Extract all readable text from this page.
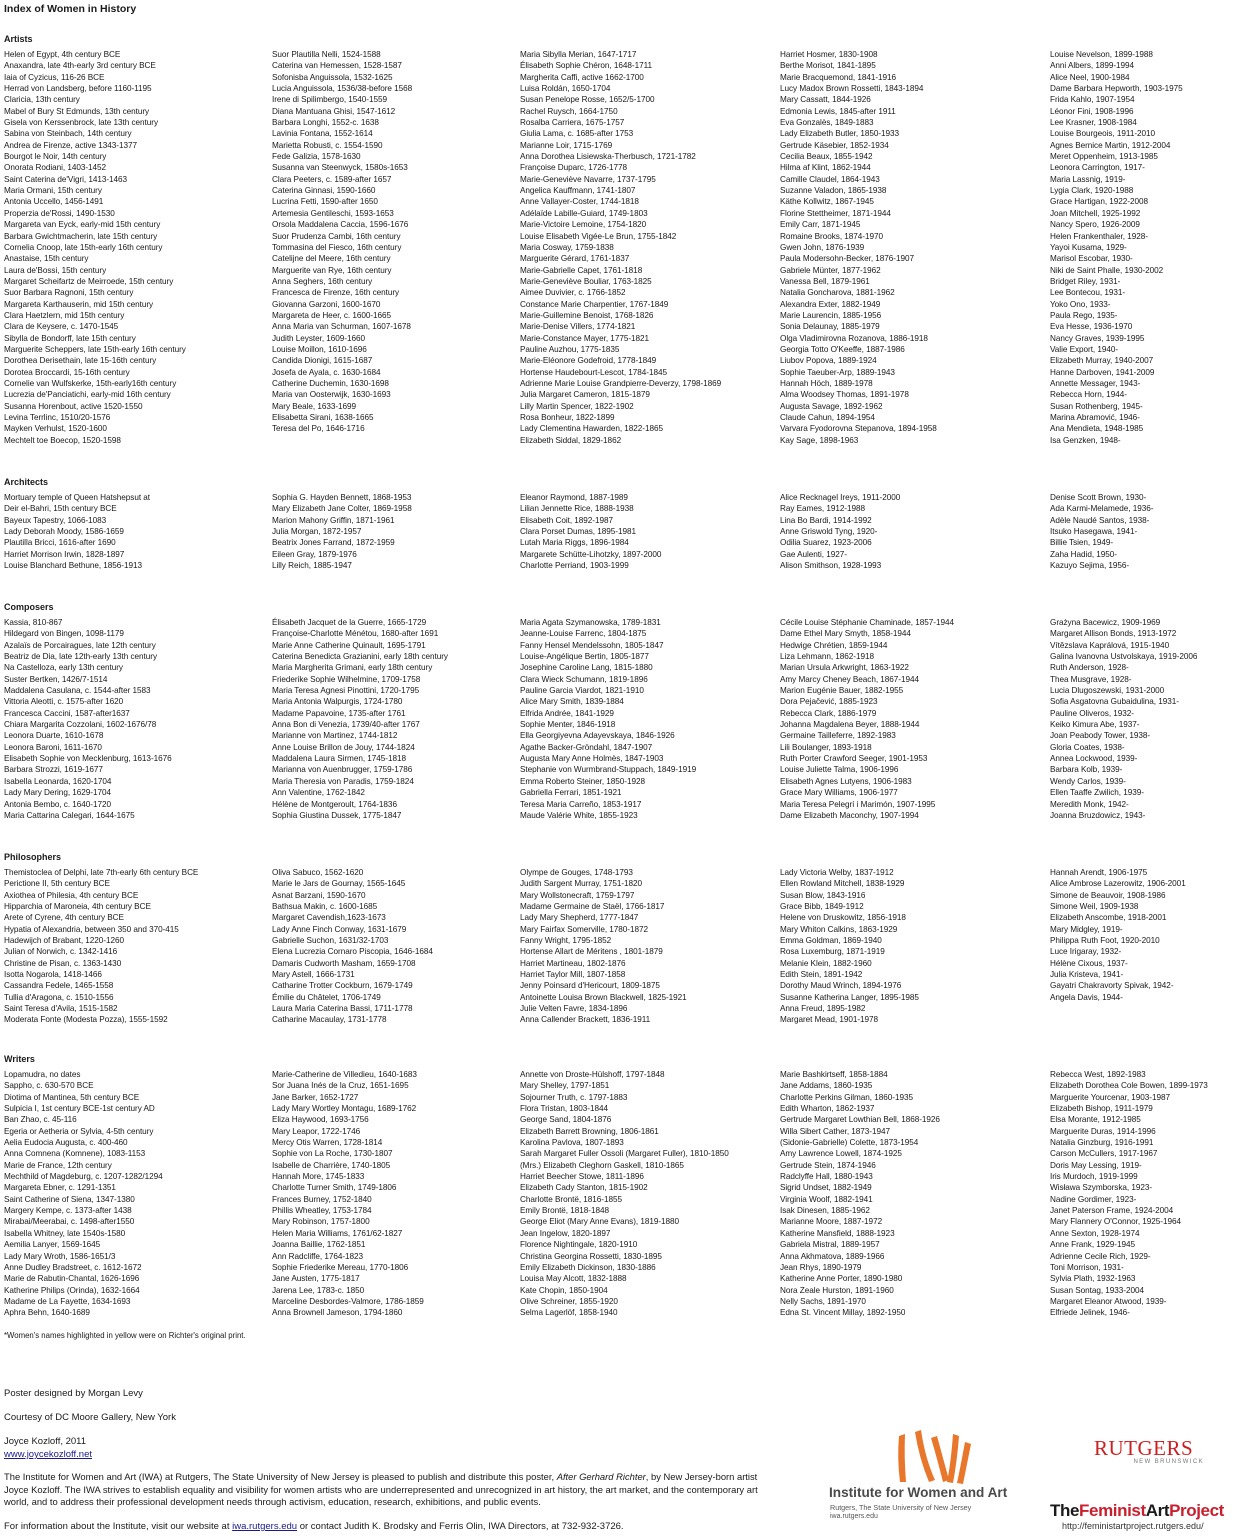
Index of Women in History
Artists
Architects
Composers
Philosophers
Writers
Helen of Egypt, 4th century BCE
Anaxandra, late 4th-early 3rd century BCE
Iaia of Cyzicus, 116-26 BCE
Herrad von Landsberg, before 1160-1195
Claricia, 13th century
Mabel of Bury St Edmunds, 13th century
Gisela von Kerssenbrock, late 13th century
Sabina von Steinbach, 14th century
Andrea de Firenze, active 1343-1377
Bourgot le Noir, 14th century
Onorata Rodiani, 1403-1452
Saint Caterina de'Vigri, 1413-1463
Maria Ormani, 15th century
Antonia Uccello, 1456-1491
Properzia de'Rossi, 1490-1530
Margareta van Eyck, early-mid 15th century
Barbara Gwichtmacherin, late 15th century
Cornelia Cnoop, late 15th-early 16th century
Anastaise, 15th century
Laura de'Bossi, 15th century
Margaret Scheifartz de Meirroede, 15th century
Suor Barbara Ragnoni, 15th century
Margareta Karthauserin, mid 15th century
Clara Haetzlern, mid 15th century
Clara de Keysere, c. 1470-1545
Sibylla de Bondorff, late 15th century
Marguerite Scheppers, late 15th-early 16th century
Dorothea Derisethain, late 15-16th century
Dorotea Broccardi, 15-16th century
Cornelie van Wulfskerke, 15th-early16th century
Lucrezia de'Panciatichi, early-mid 16th century
Susanna Horenbout, active 1520-1550
Levina Terrlinc, 1510/20-1576
Mayken Verhulst, 1520-1600
Mechtelt toe Boecop, 1520-1598
Suor Plautilla Nelli, 1524-1588
Caterina van Hemessen, 1528-1587
Sofonisba Anguissola, 1532-1625
Lucia Anguissola, 1536/38-before 1568
Irene di Spilimbergo, 1540-1559
Diana Mantuana Ghisi, 1547-1612
Barbara Longhi, 1552-c. 1638
Lavinia Fontana, 1552-1614
Marietta Robusti, c. 1554-1590
Fede Galizia, 1578-1630
Susanna van Steenwyck, 1580s-1653
Clara Peeters, c. 1589-after 1657
Caterina Ginnasi, 1590-1660
Lucrina Fetti, 1590-after 1650
Artemesia Gentileschi, 1593-1653
Orsola Maddalena Caccia, 1596-1676
Suor Prudenza Cambi, 16th century
Tommasina del Fiesco, 16th century
Catelijne del Meere, 16th century
Marguerite van Rye, 16th century
Anna Seghers, 16th century
Francesca de Firenze, 16th century
Giovanna Garzoni, 1600-1670
Margareta de Heer, c. 1600-1665
Anna Maria van Schurman, 1607-1678
Judith Leyster, 1609-1660
Louise Moillon, 1610-1696
Candida Dionigi, 1615-1687
Josefa de Ayala, c. 1630-1684
Catherine Duchemin, 1630-1698
Maria van Oosterwijk, 1630-1693
Mary Beale, 1633-1699
Elisabetta Sirani, 1638-1665
Teresa del Po, 1646-1716
Maria Sibylla Merian, 1647-1717
Élisabeth Sophie Chéron, 1648-1711
Margherita Caffi, active 1662-1700
Luisa Roldán, 1650-1704
Susan Penelope Rosse, 1652/5-1700
Rachel Ruysch, 1664-1750
Rosalba Carriera, 1675-1757
Giulia Lama, c. 1685-after 1753
Marianne Loir, 1715-1769
Anna Dorothea Lisiewska-Therbusch, 1721-1782
Françoise Duparc, 1726-1778
Marie-Geneviève Navarre, 1737-1795
Angelica Kauffmann, 1741-1807
Anne Vallayer-Coster, 1744-1818
Adélaïde Labille-Guiard, 1749-1803
Marie-Victoire Lemoine, 1754-1820
Louise Elisabeth Vigée-Le Brun, 1755-1842
Maria Cosway, 1759-1838
Marguerite Gérard, 1761-1837
Marie-Gabrielle Capet, 1761-1818
Marie-Geneviève Bouliar, 1763-1825
Aimee Duvivier, c. 1766-1852
Constance Marie Charpentier, 1767-1849
Marie-Guillemine Benoist, 1768-1826
Marie-Denise Villers, 1774-1821
Marie-Constance Mayer, 1775-1821
Pauline Auzhou, 1775-1835
Marie-Eléonore Godefroid, 1778-1849
Hortense Haudebourt-Lescot, 1784-1845
Adrienne Marie Louise Grandpierre-Deverzy, 1798-1869
Julia Margaret Cameron, 1815-1879
Lilly Martin Spencer, 1822-1902
Rosa Bonheur, 1822-1899
Lady Clementina Hawarden, 1822-1865
Elizabeth Siddal, 1829-1862
Harriet Hosmer, 1830-1908
Berthe Morisot, 1841-1895
Marie Bracquemond, 1841-1916
Lucy Madox Brown Rossetti, 1843-1894
Mary Cassatt, 1844-1926
Edmonia Lewis, 1845-after 1911
Eva Gonzalès, 1849-1883
Lady Elizabeth Butler, 1850-1933
Gertrude Käsebier, 1852-1934
Cecilia Beaux, 1855-1942
Hilma af Klint, 1862-1944
Camille Claudel, 1864-1943
Suzanne Valadon, 1865-1938
Käthe Kollwitz, 1867-1945
Florine Stettheimer, 1871-1944
Emily Carr, 1871-1945
Romaine Brooks, 1874-1970
Gwen John, 1876-1939
Paula Modersohn-Becker, 1876-1907
Gabriele Münter, 1877-1962
Vanessa Bell, 1879-1961
Natalia Goncharova, 1881-1962
Alexandra Exter, 1882-1949
Marie Laurencin, 1885-1956
Sonia Delaunay, 1885-1979
Olga Vladimirovna Rozanova, 1886-1918
Georgia Totto O'Keeffe, 1887-1986
Liubov Popova, 1889-1924
Sophie Taeuber-Arp, 1889-1943
Hannah Höch, 1889-1978
Alma Woodsey Thomas, 1891-1978
Augusta Savage, 1892-1962
Claude Cahun, 1894-1954
Varvara Fyodorovna Stepanova, 1894-1958
Kay Sage, 1898-1963
Louise Nevelson, 1899-1988
Anni Albers, 1899-1994
Alice Neel, 1900-1984
Dame Barbara Hepworth, 1903-1975
Frida Kahlo, 1907-1954
Léonor Fini, 1908-1996
Lee Krasner, 1908-1984
Louise Bourgeois, 1911-2010
Agnes Bernice Martin, 1912-2004
Meret Oppenheim, 1913-1985
Leonora Carrington, 1917-
Maria Lassnig, 1919-
Lygia Clark, 1920-1988
Grace Hartigan, 1922-2008
Joan Mitchell, 1925-1992
Nancy Spero, 1926-2009
Helen Frankenthaler, 1928-
Yayoi Kusama, 1929-
Marisol Escobar, 1930-
Niki de Saint Phalle, 1930-2002
Bridget Riley, 1931-
Lee Bontecou, 1931-
Yoko Ono, 1933-
Paula Rego, 1935-
Eva Hesse, 1936-1970
Nancy Graves, 1939-1995
Valie Export, 1940-
Elizabeth Murray, 1940-2007
Hanne Darboven, 1941-2009
Annette Messager, 1943-
Rebecca Horn, 1944-
Susan Rothenberg, 1945-
Marina Abramović, 1946-
Ana Mendieta, 1948-1985
Isa Genzken, 1948-
Mortuary temple of Queen Hatshepsut at
Deir el-Bahri, 15th century BCE
Bayeux Tapestry, 1066-1083
Lady Deborah Moody, 1586-1659
Plautilla Bricci, 1616-after 1690
Harriet Morrison Irwin, 1828-1897
Louise Blanchard Bethune, 1856-1913
Sophia G. Hayden Bennett, 1868-1953
Mary Elizabeth Jane Colter, 1869-1958
Marion Mahony Griffin, 1871-1961
Julia Morgan, 1872-1957
Beatrix Jones Farrand, 1872-1959
Eileen Gray, 1879-1976
Lilly Reich, 1885-1947
Eleanor Raymond, 1887-1989
Lilian Jennette Rice, 1888-1938
Elisabeth Coit, 1892-1987
Clara Porset Dumas, 1895-1981
Lutah Maria Riggs, 1896-1984
Margarete Schütte-Lihotzky, 1897-2000
Charlotte Perriand, 1903-1999
Alice Recknagel Ireys, 1911-2000
Ray Eames, 1912-1988
Lina Bo Bardi, 1914-1992
Anne Griswold Tyng, 1920-
Odilia Suarez, 1923-2006
Gae Aulenti, 1927-
Alison Smithson, 1928-1993
Denise Scott Brown, 1930-
Ada Karmi-Melamede, 1936-
Adèle Naudé Santos, 1938-
Itsuko Hasegawa, 1941-
Billie Tsien, 1949-
Zaha Hadid, 1950-
Kazuyo Sejima, 1956-
Kassia, 810-867
Hildegard von Bingen, 1098-1179
Azalaïs de Porcairagues, late 12th century
Beatriz de Dia, late 12th-early 13th century
Na Castelloza, early 13th century
Suster Bertken, 1426/7-1514
Maddalena Casulana, c. 1544-after 1583
Vittoria Aleotti, c. 1575-after 1620
Francesca Caccini, 1587-after1637
Chiara Margarita Cozzolani, 1602-1676/78
Leonora Duarte, 1610-1678
Leonora Baroni, 1611-1670
Elisabeth Sophie von Mecklenburg, 1613-1676
Barbara Strozzi, 1619-1677
Isabella Leonarda, 1620-1704
Lady Mary Dering, 1629-1704
Antonia Bembo, c. 1640-1720
Maria Cattarina Calegari, 1644-1675
Élisabeth Jacquet de la Guerre, 1665-1729
Françoise-Charlotte Ménétou, 1680-after 1691
Marie Anne Catherine Quinault, 1695-1791
Caterina Benedicta Grazianini, early 18th century
Maria Margherita Grimani, early 18th century
Friederike Sophie Wilhelmine, 1709-1758
Maria Teresa Agnesi Pinottini, 1720-1795
Maria Antonia Walpurgis, 1724-1780
Madame Papavoine, 1735-after 1761
Anna Bon di Venezia, 1739/40-after 1767
Marianne von Martinez, 1744-1812
Anne Louise Brillon de Jouy, 1744-1824
Maddalena Laura Sirmen, 1745-1818
Marianna von Auenbrugger, 1759-1786
Maria Theresia von Paradis, 1759-1824
Ann Valentine, 1762-1842
Hélène de Montgeroult, 1764-1836
Sophia Giustina Dussek, 1775-1847
Maria Agata Szymanowska, 1789-1831
Jeanne-Louise Farrenc, 1804-1875
Fanny Hensel Mendelssohn, 1805-1847
Louise-Angélique Bertin, 1805-1877
Josephine Caroline Lang, 1815-1880
Clara Wieck Schumann, 1819-1896
Pauline Garcia Viardot, 1821-1910
Alice Mary Smith, 1839-1884
Elfrida Andrée, 1841-1929
Sophie Menter, 1846-1918
Ella Georgiyevna Adayevskaya, 1846-1926
Agathe Backer-Gröndahl, 1847-1907
Augusta Mary Anne Holmès, 1847-1903
Stephanie von Wurmbrand-Stuppach, 1849-1919
Emma Roberto Steiner, 1850-1928
Gabriella Ferrari, 1851-1921
Teresa Maria Carreño, 1853-1917
Maude Valérie White, 1855-1923
Cécile Louise Stéphanie Chaminade, 1857-1944
Dame Ethel Mary Smyth, 1858-1944
Hedwige Chrétien, 1859-1944
Liza Lehmann, 1862-1918
Marian Ursula Arkwright, 1863-1922
Amy Marcy Cheney Beach, 1867-1944
Marion Eugénie Bauer, 1882-1955
Dora Pejačević, 1885-1923
Rebecca Clark, 1886-1979
Johanna Magdalena Beyer, 1888-1944
Germaine Tailleferre, 1892-1983
Lili Boulanger, 1893-1918
Ruth Porter Crawford Seeger, 1901-1953
Louise Juliette Talma, 1906-1996
Elisabeth Agnes Lutyens, 1906-1983
Grace Mary Williams, 1906-1977
Maria Teresa Pelegrí i Marimón, 1907-1995
Dame Elizabeth Maconchy, 1907-1994
Grażyna Bacewicz, 1909-1969
Margaret Allison Bonds, 1913-1972
Vítězslava Kaprálová, 1915-1940
Galina Ivanovna Ustvolskaya, 1919-2006
Ruth Anderson, 1928-
Thea Musgrave, 1928-
Lucia Dlugoszewski, 1931-2000
Sofia Asgatovna Gubaidulina, 1931-
Pauline Oliveros, 1932-
Keiko Kimura Abe, 1937-
Joan Peabody Tower, 1938-
Gloria Coates, 1938-
Annea Lockwood, 1939-
Barbara Kolb, 1939-
Wendy Carlos, 1939-
Ellen Taaffe Zwilich, 1939-
Meredith Monk, 1942-
Joanna Bruzdowicz, 1943-
Themistoclea of Delphi, late 7th-early 6th century BCE
Perictione II, 5th century BCE
Axiothea of Philesia, 4th century BCE
Hipparchia of Maroneia, 4th century BCE
Arete of Cyrene, 4th century BCE
Hypatia of Alexandria, between 350 and 370-415
Hadewijch of Brabant, 1220-1260
Julian of Norwich, c. 1342-1416
Christine de Pisan, c. 1363-1430
Isotta Nogarola, 1418-1466
Cassandra Fedele, 1465-1558
Tullia d'Aragona, c. 1510-1556
Saint Teresa d'Avila, 1515-1582
Moderata Fonte (Modesta Pozza), 1555-1592
Oliva Sabuco, 1562-1620
Marie le Jars de Gournay, 1565-1645
Asnat Barzani, 1590-1670
Bathsua Makin, c. 1600-1685
Margaret Cavendish,1623-1673
Lady Anne Finch Conway, 1631-1679
Gabrielle Suchon, 1631/32-1703
Elena Lucrezia Cornaro Piscopia, 1646-1684
Damaris Cudworth Masham, 1659-1708
Mary Astell, 1666-1731
Catharine Trotter Cockburn, 1679-1749
Émilie du Châtelet, 1706-1749
Laura Maria Caterina Bassi, 1711-1778
Catharine Macaulay, 1731-1778
Olympe de Gouges, 1748-1793
Judith Sargent Murray, 1751-1820
Mary Wollstonecraft, 1759-1797
Madame Germaine de Staël, 1766-1817
Lady Mary Shepherd, 1777-1847
Mary Fairfax Somerville, 1780-1872
Fanny Wright, 1795-1852
Hortense Allart de Méritens , 1801-1879
Harriet Martineau, 1802-1876
Harriet Taylor Mill, 1807-1858
Jenny Poinsard d'Hericourt, 1809-1875
Antoinette Louisa Brown Blackwell, 1825-1921
Julie Velten Favre, 1834-1896
Anna Callender Brackett, 1836-1911
Lady Victoria Welby, 1837-1912
Ellen Rowland Mitchell, 1838-1929
Susan Blow, 1843-1916
Grace Bibb, 1849-1912
Helene von Druskowitz, 1856-1918
Mary Whiton Calkins, 1863-1929
Emma Goldman, 1869-1940
Rosa Luxemburg, 1871-1919
Melanie Klein, 1882-1960
Edith Stein, 1891-1942
Dorothy Maud Wrinch, 1894-1976
Susanne Katherina Langer, 1895-1985
Anna Freud, 1895-1982
Margaret Mead, 1901-1978
Hannah Arendt, 1906-1975
Alice Ambrose Lazerowitz, 1906-2001
Simone de Beauvoir, 1908-1986
Simone Weil, 1909-1938
Elizabeth Anscombe, 1918-2001
Mary Midgley, 1919-
Philippa Ruth Foot, 1920-2010
Luce Irigaray, 1932-
Hélène Cixous, 1937-
Julia Kristeva, 1941-
Gayatri Chakravorty Spivak, 1942-
Angela Davis, 1944-
Lopamudra, no dates
Sappho, c. 630-570 BCE
Diotima of Mantinea, 5th century BCE
Sulpicia I, 1st century BCE-1st century AD
Ban Zhao, c. 45-116
Egeria or Aetheria or Sylvia, 4-5th century
Aelia Eudocia Augusta, c. 400-460
Anna Comnena (Komnene), 1083-1153
Marie de France, 12th century
Mechthild of Magdeburg, c. 1207-1282/1294
Margareta Ebner, c. 1291-1351
Saint Catherine of Siena, 1347-1380
Margery Kempe, c. 1373-after 1438
Mirabai/Meerabai, c. 1498-after1550
Isabella Whitney, late 1540s-1580
Aemilia Lanyer, 1569-1645
Lady Mary Wroth, 1586-1651/3
Anne Dudley Bradstreet, c. 1612-1672
Marie de Rabutin-Chantal, 1626-1696
Katherine Philips (Orinda), 1632-1664
Madame de La Fayette, 1634-1693
Aphra Behn, 1640-1689
Marie-Catherine de Villedieu, 1640-1683
Sor Juana Inés de la Cruz, 1651-1695
Jane Barker, 1652-1727
Lady Mary Wortley Montagu, 1689-1762
Eliza Haywood, 1693-1756
Mary Leapor, 1722-1746
Mercy Otis Warren, 1728-1814
Sophie von La Roche, 1730-1807
Isabelle de Charrière, 1740-1805
Hannah More, 1745-1833
Charlotte Turner Smith, 1749-1806
Frances Burney, 1752-1840
Phillis Wheatley, 1753-1784
Mary Robinson, 1757-1800
Helen Maria Williams, 1761/62-1827
Joanna Baillie, 1762-1851
Ann Radcliffe, 1764-1823
Sophie Friederike Mereau, 1770-1806
Jane Austen, 1775-1817
Jarena Lee, 1783-c. 1850
Marceline Desbordes-Valmore, 1786-1859
Anna Brownell Jameson, 1794-1860
Annette von Droste-Hülshoff, 1797-1848
Mary Shelley, 1797-1851
Sojourner Truth, c. 1797-1883
Flora Tristan, 1803-1844
George Sand, 1804-1876
Elizabeth Barrett Browning, 1806-1861
Karolina Pavlova, 1807-1893
Sarah Margaret Fuller Ossoli (Margaret Fuller), 1810-1850
(Mrs.) Elizabeth Cleghorn Gaskell, 1810-1865
Harriet Beecher Stowe, 1811-1896
Elizabeth Cady Stanton, 1815-1902
Charlotte Brontë, 1816-1855
Emily Brontë, 1818-1848
George Eliot (Mary Anne Evans), 1819-1880
Jean Ingelow, 1820-1897
Florence Nightingale, 1820-1910
Christina Georgina Rossetti, 1830-1895
Emily Elizabeth Dickinson, 1830-1886
Louisa May Alcott, 1832-1888
Kate Chopin, 1850-1904
Olive Schreiner, 1855-1920
Selma Lagerlöf, 1858-1940
Marie Bashkirtseff, 1858-1884
Jane Addams, 1860-1935
Charlotte Perkins Gilman, 1860-1935
Edith Wharton, 1862-1937
Gertrude Margaret Lowthian Bell, 1868-1926
Willa Sibert Cather, 1873-1947
(Sidonie-Gabrielle) Colette, 1873-1954
Amy Lawrence Lowell, 1874-1925
Gertrude Stein, 1874-1946
Radclyffe Hall, 1880-1943
Sigrid Undset, 1882-1949
Virginia Woolf, 1882-1941
Isak Dinesen, 1885-1962
Marianne Moore, 1887-1972
Katherine Mansfield, 1888-1923
Gabriela Mistral, 1889-1957
Anna Akhmatova, 1889-1966
Jean Rhys, 1890-1979
Katherine Anne Porter, 1890-1980
Nora Zeale Hurston, 1891-1960
Nelly Sachs, 1891-1970
Edna St. Vincent Millay, 1892-1950
Rebecca West, 1892-1983
Elizabeth Dorothea Cole Bowen, 1899-1973
Marguerite Yourcenar, 1903-1987
Elizabeth Bishop, 1911-1979
Elsa Morante, 1912-1985
Marguerite Duras, 1914-1996
Natalia Ginzburg, 1916-1991
Carson McCullers, 1917-1967
Doris May Lessing, 1919-
Iris Murdoch, 1919-1999
Wisława Szymborska, 1923-
Nadine Gordimer, 1923-
Janet Paterson Frame, 1924-2004
Mary Flannery O'Connor, 1925-1964
Anne Sexton, 1928-1974
Anne Frank, 1929-1945
Adrienne Cecile Rich, 1929-
Toni Morrison, 1931-
Sylvia Plath, 1932-1963
Susan Sontag, 1933-2004
Margaret Eleanor Atwood, 1939-
Elfriede Jelinek, 1946-
*Women's names highlighted in yellow were on Richter's original print.
Poster designed by Morgan Levy
Courtesy of DC Moore Gallery, New York
Joyce Kozloff, 2011
www.joycekozloff.net
The Institute for Women and Art (IWA) at Rutgers, The State University of New Jersey is pleased to publish and distribute this poster, After Gerhard Richter, by New Jersey-born artist Joyce Kozloff. The IWA strives to establish equality and visibility for women artists who are underrepresented and unrecognized in art history, the art market, and the contemporary art world, and to address their professional development needs through activism, education, research, exhibitions, and public events.
For information about the Institute, visit our website at iwa.rutgers.edu or contact Judith K. Brodsky and Ferris Olin, IWA Directors, at 732-932-3726.
Institute for Women and Art
Rutgers, The State University of New Jersey
iwa.rutgers.edu
RUTGERS
NEW BRUNSWICK
TheFeministArtProject
http://feministartproject.rutgers.edu/
